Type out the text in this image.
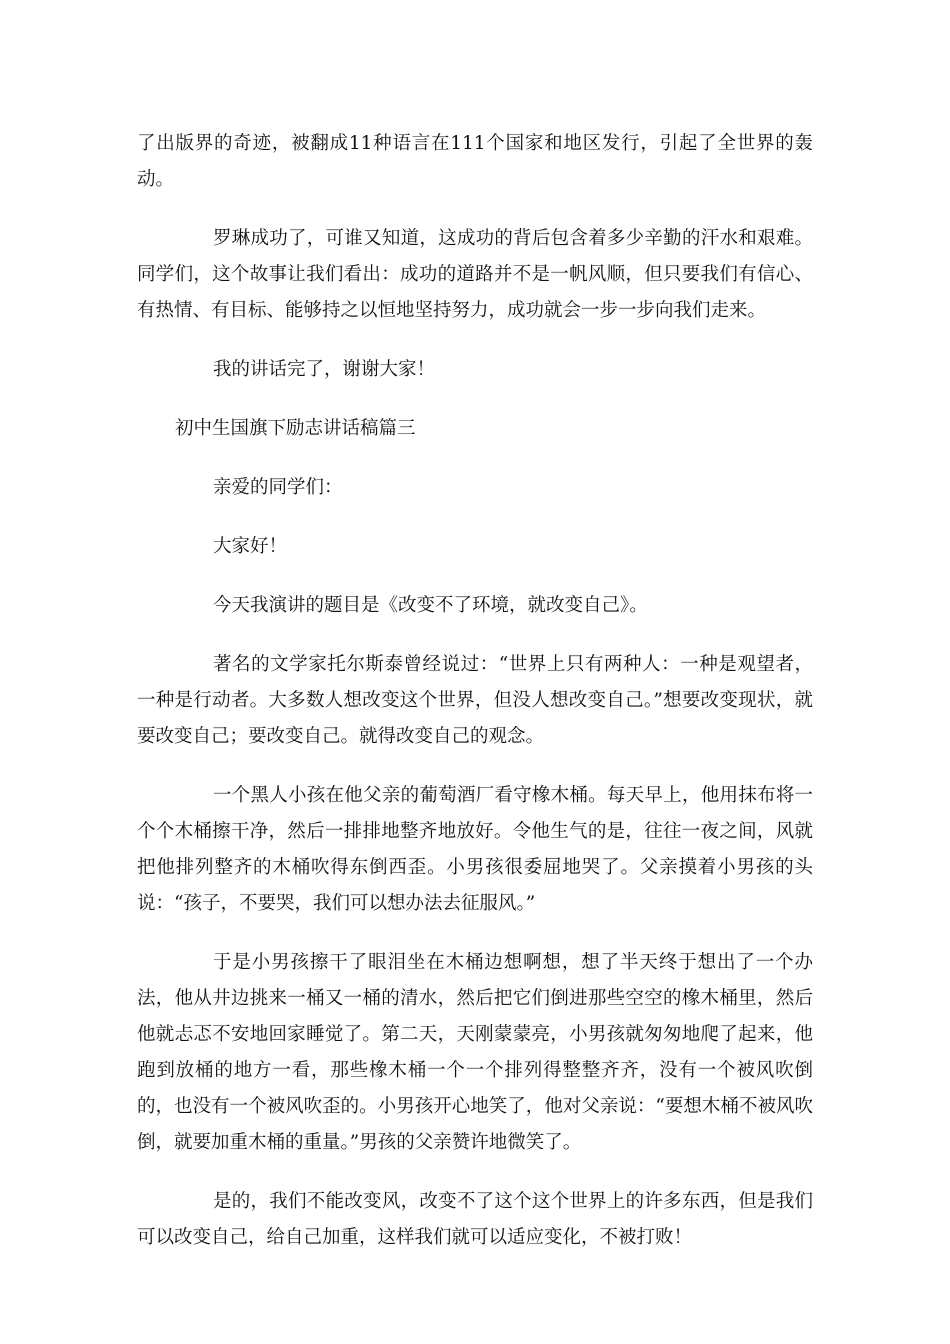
了出版界的奇迹，被翻成11种语言在111个国家和地区发行，引起了全世界的轰动。

罗琳成功了，可谁又知道，这成功的背后包含着多少辛勤的汗水和艰难。同学们，这个故事让我们看出：成功的道路并不是一帆风顺，但只要我们有信心、有热情、有目标、能够持之以恒地坚持努力，成功就会一步一步向我们走来。

我的讲话完了，谢谢大家！

初中生国旗下励志讲话稿篇三

亲爱的同学们：

大家好！

今天我演讲的题目是《改变不了环境，就改变自己》。

著名的文学家托尔斯泰曾经说过：“世界上只有两种人：一种是观望者，一种是行动者。大多数人想改变这个世界，但没人想改变自己。”想要改变现状，就要改变自己；要改变自己。就得改变自己的观念。

一个黑人小孩在他父亲的葡萄酒厂看守橡木桶。每天早上，他用抹布将一个个木桶擦干净，然后一排排地整齐地放好。令他生气的是，往往一夜之间，风就把他排列整齐的木桶吹得东倒西歪。小男孩很委屈地哭了。父亲摸着小男孩的头说：“孩子，不要哭，我们可以想办法去征服风。”

于是小男孩擦干了眼泪坐在木桶边想啊想，想了半天终于想出了一个办法，他从井边挑来一桶又一桶的清水，然后把它们倒进那些空空的橡木桶里，然后他就忐忑不安地回家睡觉了。第二天，天刚蒙蒙亮，小男孩就匆匆地爬了起来，他跑到放桶的地方一看，那些橡木桶一个一个排列得整整齐齐，没有一个被风吹倒的，也没有一个被风吹歪的。小男孩开心地笑了，他对父亲说：“要想木桶不被风吹倒，就要加重木桶的重量。”男孩的父亲赞许地微笑了。

是的，我们不能改变风，改变不了这个这个世界上的许多东西，但是我们可以改变自己，给自己加重，这样我们就可以适应变化，不被打败！
